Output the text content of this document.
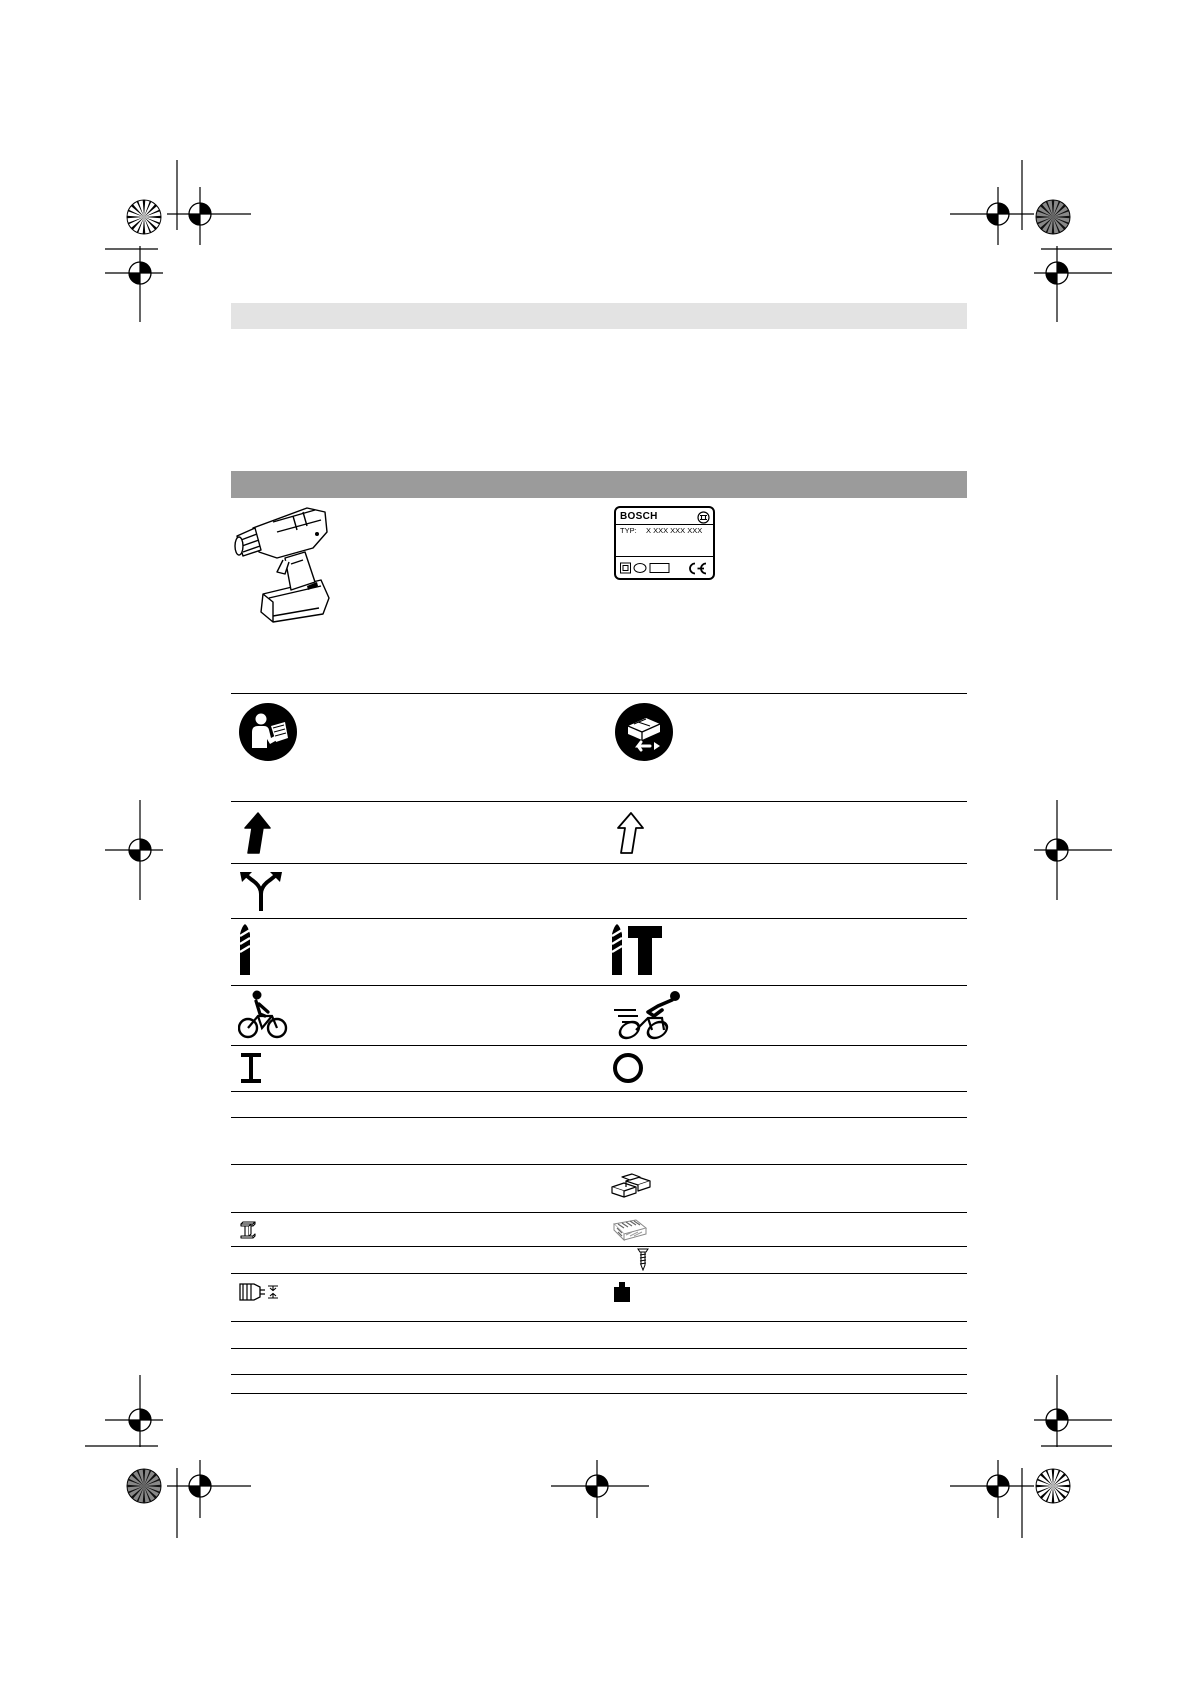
BOSCH
TYP: X XXX XXX XXX
